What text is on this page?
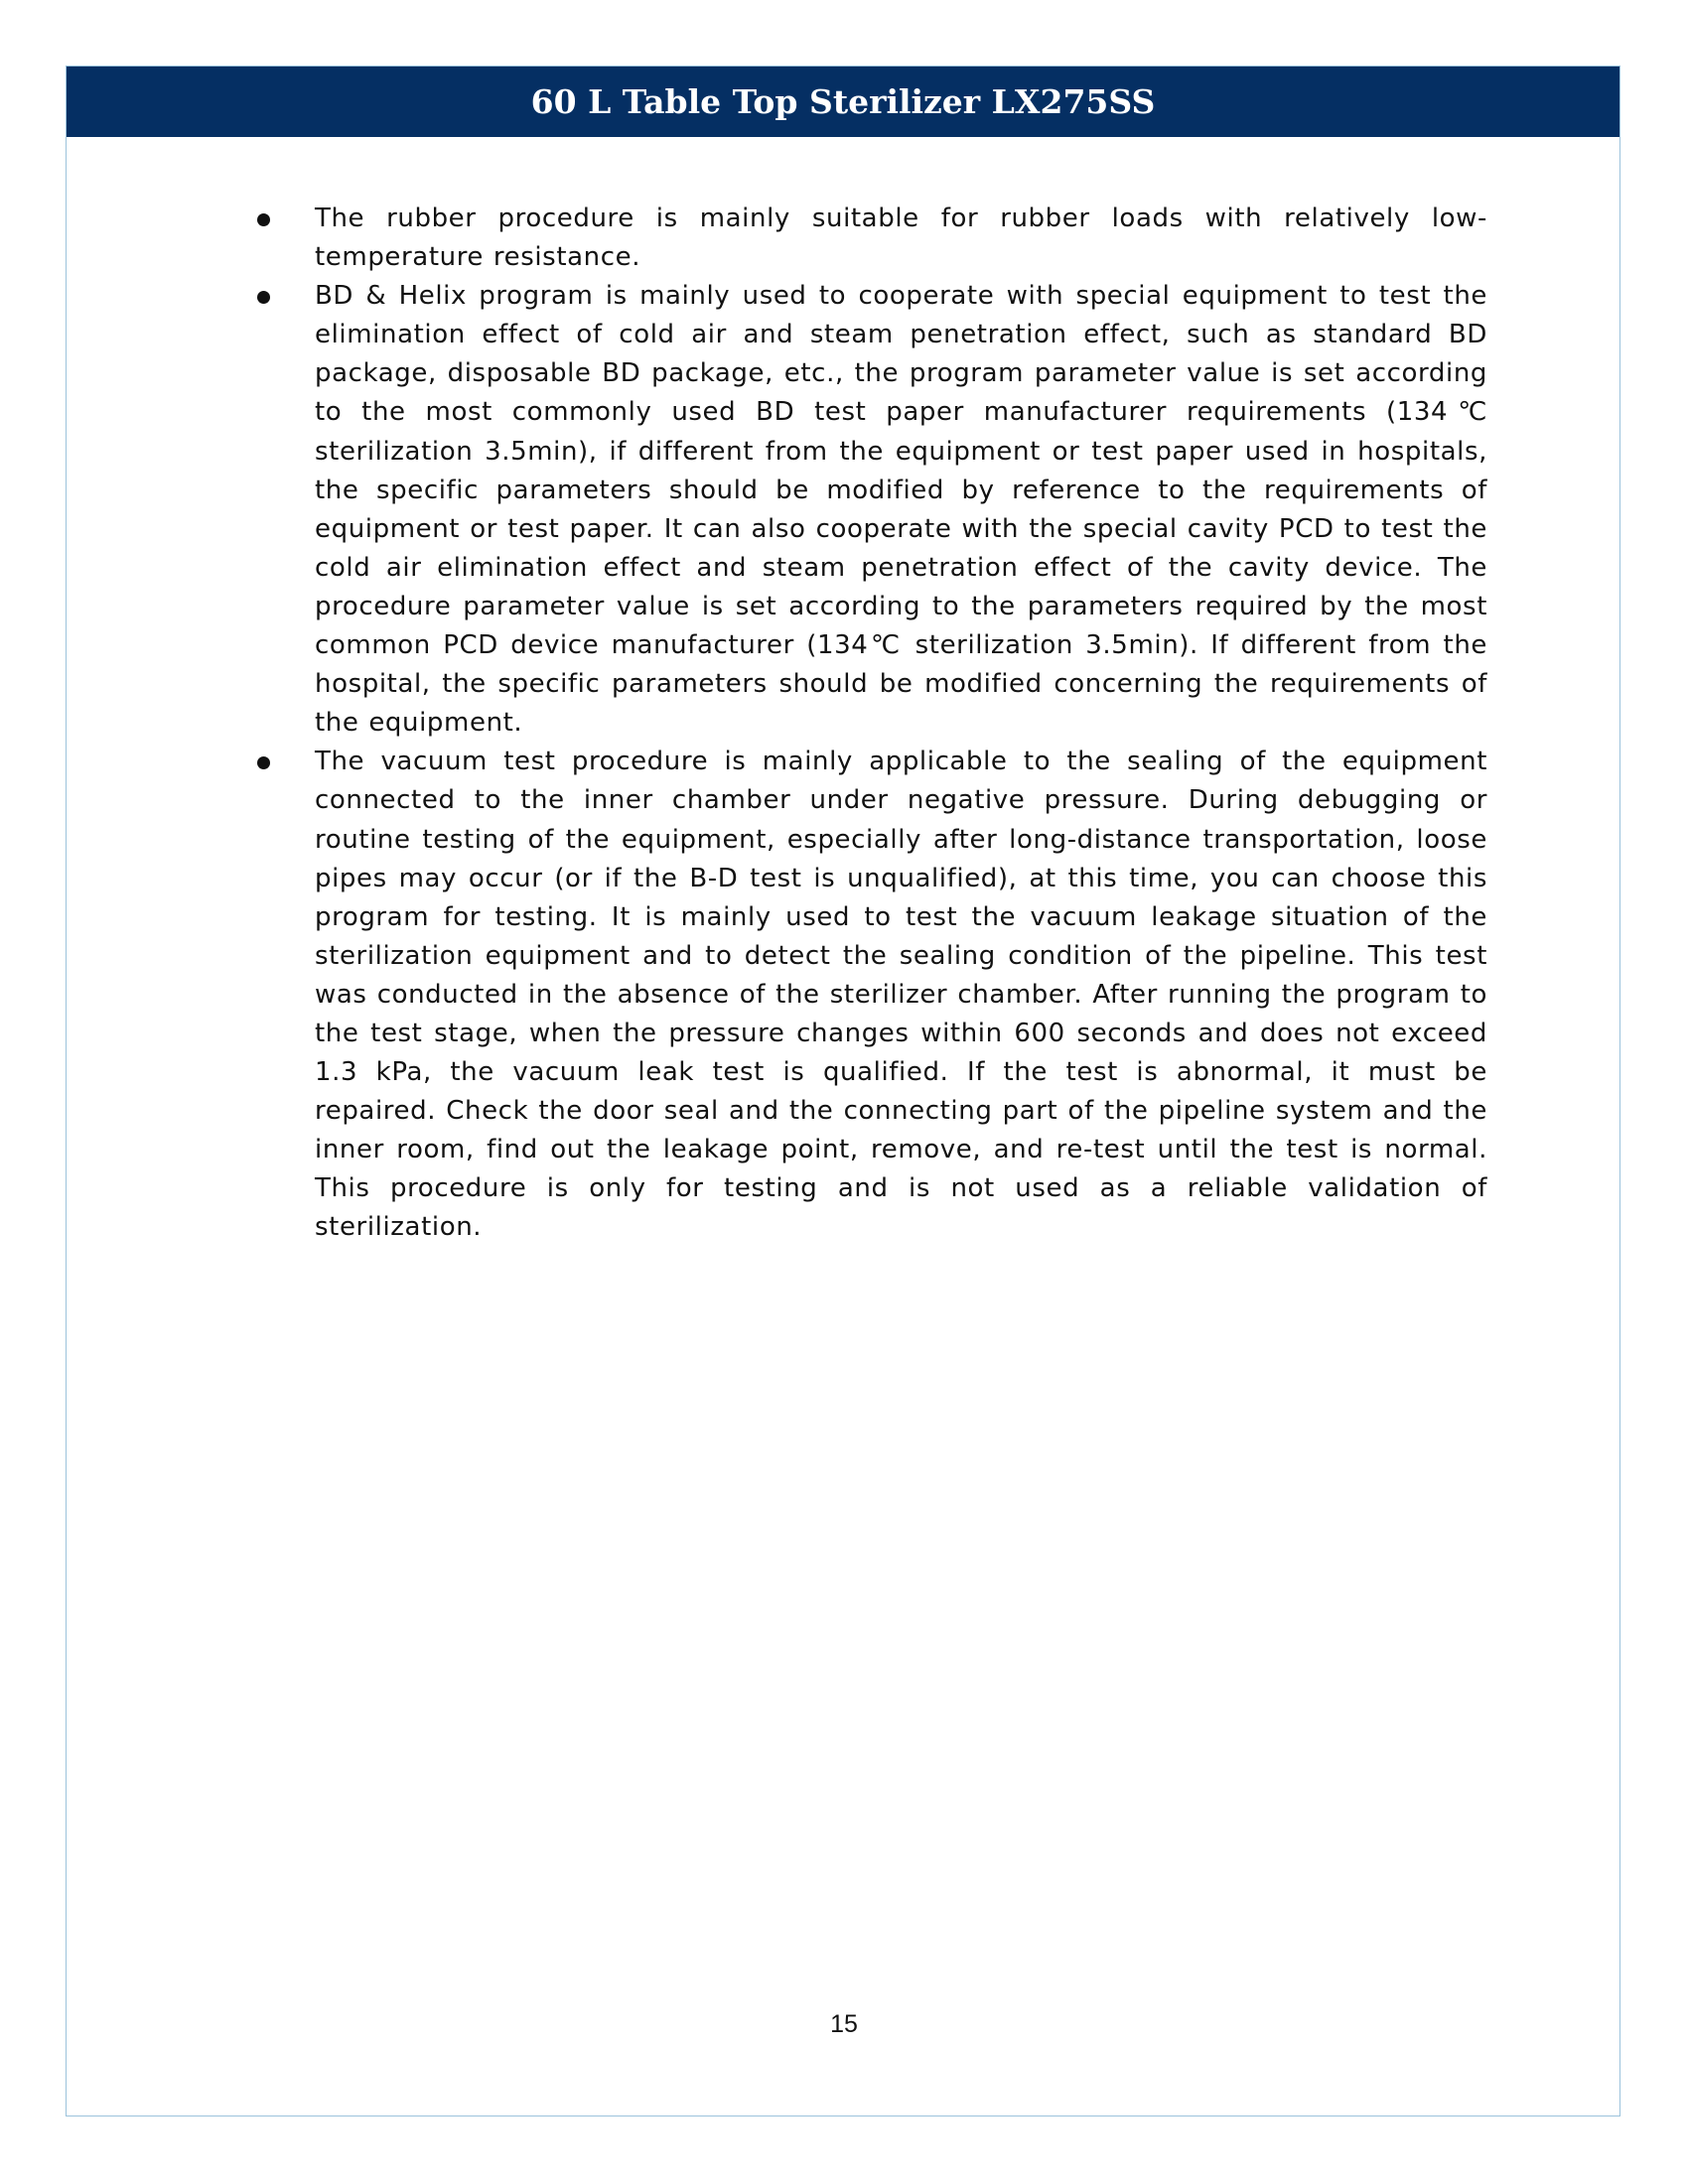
60 L Table Top Sterilizer LX275SS
The rubber procedure is mainly suitable for rubber loads with relatively low-temperature resistance.
BD & Helix program is mainly used to cooperate with special equipment to test the elimination effect of cold air and steam penetration effect, such as standard BD package, disposable BD package, etc., the program parameter value is set according to the most commonly used BD test paper manufacturer requirements (134℃ sterilization 3.5min), if different from the equipment or test paper used in hospitals, the specific parameters should be modified by reference to the requirements of equipment or test paper. It can also cooperate with the special cavity PCD to test the cold air elimination effect and steam penetration effect of the cavity device. The procedure parameter value is set according to the parameters required by the most common PCD device manufacturer (134℃ sterilization 3.5min). If different from the hospital, the specific parameters should be modified concerning the requirements of the equipment.
The vacuum test procedure is mainly applicable to the sealing of the equipment connected to the inner chamber under negative pressure. During debugging or routine testing of the equipment, especially after long-distance transportation, loose pipes may occur (or if the B-D test is unqualified), at this time, you can choose this program for testing. It is mainly used to test the vacuum leakage situation of the sterilization equipment and to detect the sealing condition of the pipeline. This test was conducted in the absence of the sterilizer chamber. After running the program to the test stage, when the pressure changes within 600 seconds and does not exceed 1.3 kPa, the vacuum leak test is qualified. If the test is abnormal, it must be repaired. Check the door seal and the connecting part of the pipeline system and the inner room, find out the leakage point, remove, and re-test until the test is normal. This procedure is only for testing and is not used as a reliable validation of sterilization.
15
